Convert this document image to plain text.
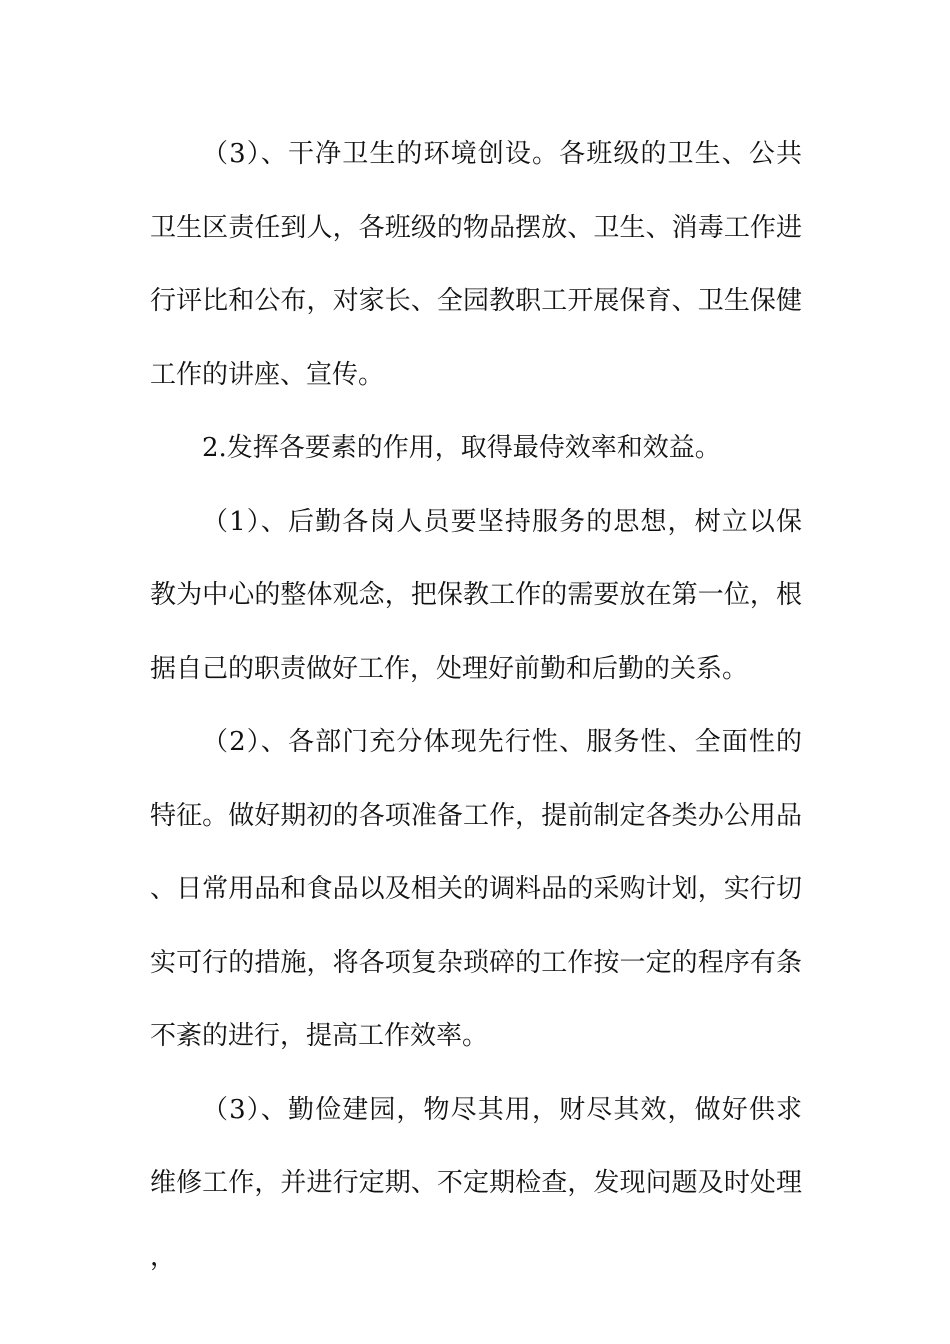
（3）、干净卫生的环境创设。各班级的卫生、公共卫生区责任到人，各班级的物品摆放、卫生、消毒工作进行评比和公布，对家长、全园教职工开展保育、卫生保健工作的讲座、宣传。

2.发挥各要素的作用，取得最侍效率和效益。

（1）、后勤各岗人员要坚持服务的思想，树立以保教为中心的整体观念，把保教工作的需要放在第一位，根据自己的职责做好工作，处理好前勤和后勤的关系。

（2）、各部门充分体现先行性、服务性、全面性的特征。做好期初的各项准备工作，提前制定各类办公用品、日常用品和食品以及相关的调料品的采购计划，实行切实可行的措施，将各项复杂琐碎的工作按一定的程序有条不紊的进行，提高工作效率。

（3）、勤俭建园，物尽其用，财尽其效，做好供求维修工作，并进行定期、不定期检查，发现问题及时处理，
